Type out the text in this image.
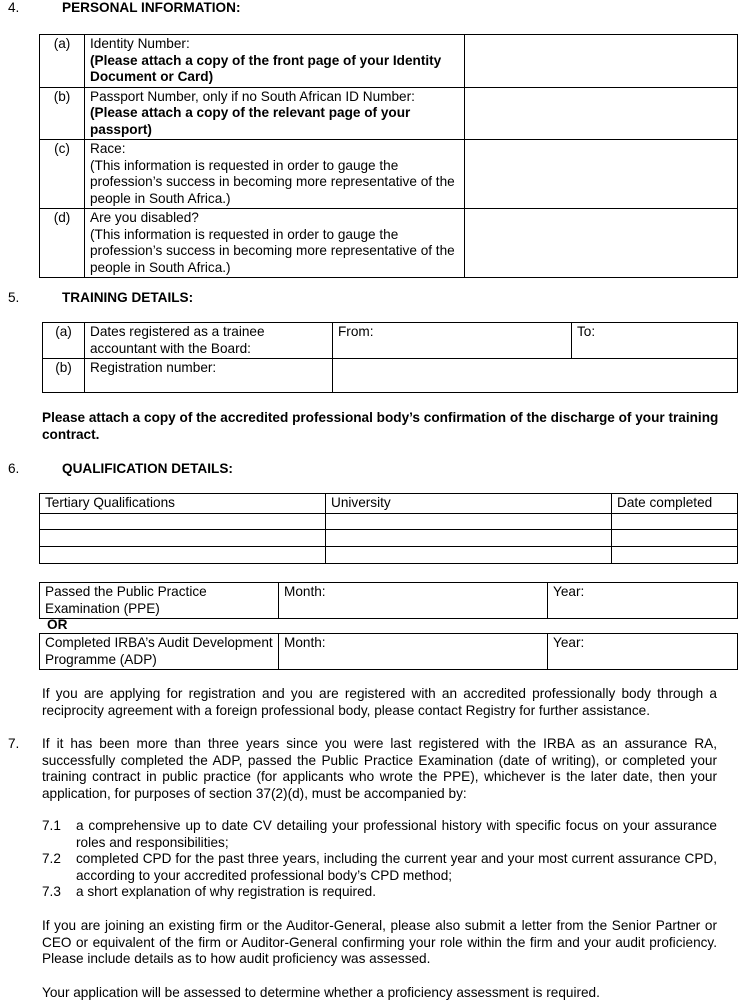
4.	PERSONAL INFORMATION:
(a)	Identity Number:
(Please attach a copy of the front page of your Identity Document or Card)	

(b)	Passport Number, only if no South African ID Number:
(Please attach a copy of the relevant page of your passport)	

(c)	Race:
(This information is requested in order to gauge the profession’s success in becoming more representative of the people in South Africa.)	

(d)	Are you disabled?
(This information is requested in order to gauge the profession’s success in becoming more representative of the people in South Africa.)	

5.	TRAINING DETAILS:
(a)	Dates registered as a trainee accountant with the Board:	From:	To:
(b)	Registration number:		
Please attach a copy of the accredited professional body’s confirmation of the discharge of your training contract.
6.	QUALIFICATION DETAILS:
Tertiary Qualifications	University	Date completed

Passed the Public Practice Examination (PPE)	Month:	Year:
OR
Completed IRBA’s Audit Development Programme (ADP)	Month:	Year:
If you are applying for registration and you are registered with an accredited professionally body through a reciprocity agreement with a foreign professional body, please contact Registry for further assistance.
7. If it has been more than three years since you were last registered with the IRBA as an assurance RA, successfully completed the ADP, passed the Public Practice Examination (date of writing), or completed your training contract in public practice (for applicants who wrote the PPE), whichever is the later date, then your application, for purposes of section 37(2)(d), must be accompanied by:
7.1 a comprehensive up to date CV detailing your professional history with specific focus on your assurance roles and responsibilities;
7.2 completed CPD for the past three years, including the current year and your most current assurance CPD, according to your accredited professional body’s CPD method;
7.3 a short explanation of why registration is required.
If you are joining an existing firm or the Auditor-General, please also submit a letter from the Senior Partner or CEO or equivalent of the firm or Auditor-General confirming your role within the firm and your audit proficiency. Please include details as to how audit proficiency was assessed.
Your application will be assessed to determine whether a proficiency assessment is required.
